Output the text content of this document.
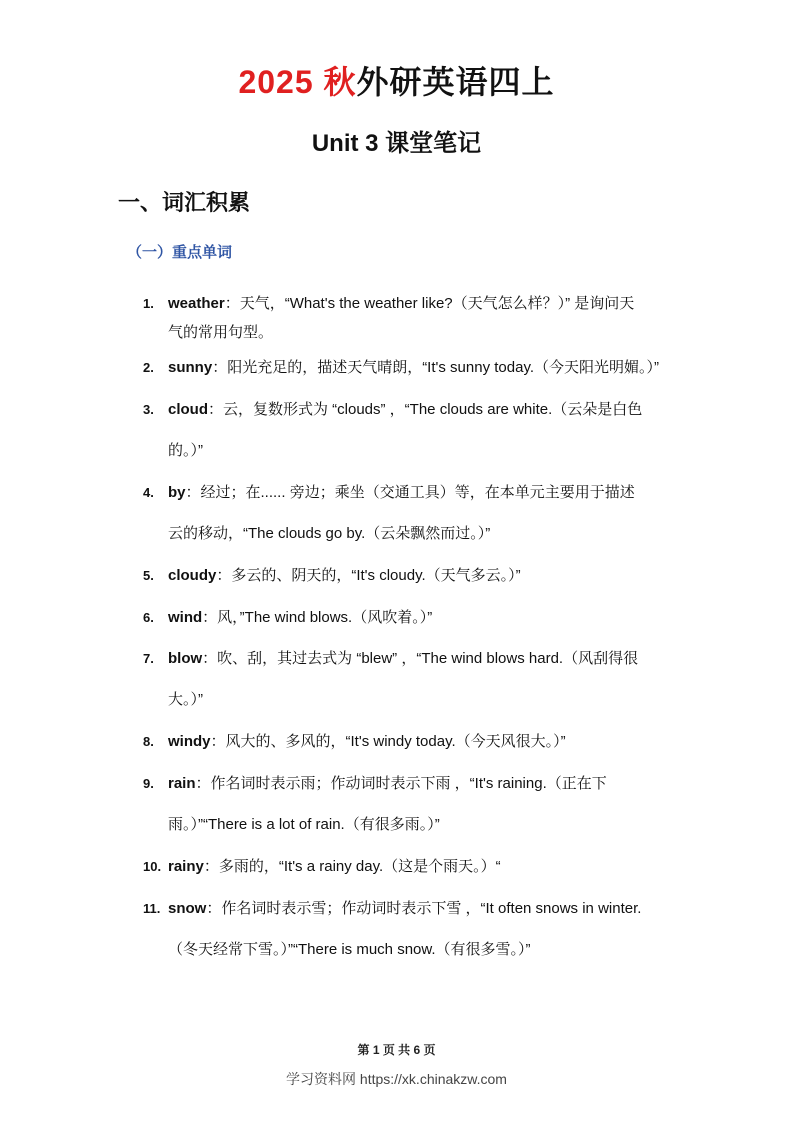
2025 秋外研英语四上
Unit 3 课堂笔记
一、词汇积累
（一）重点单词
1. weather：天气，“What's the weather like?（天气怎么样？）” 是询问天
气的常用句型。
2. sunny：阳光充足的，描述天气晴朗，“It's sunny today.（今天阳光明媚。）”
3. cloud：云，复数形式为 “clouds” ，“The clouds are white.（云朵是白色
的。）”
4. by：经过；在...... 旁边；乘坐（交通工具）等，在本单元主要用于描述
云的移动，“The clouds go by.（云朵飘然而过。）”
5. cloudy：多云的、阴天的，“It's cloudy.（天气多云。）”
6. wind：风，”The wind blows.（风吹着。）”
7. blow：吹、刮，其过去式为 “blew” ，“The wind blows hard.（风刮得很
大。）”
8. windy：风大的、多风的，“It's windy today.（今天风很大。）”
9. rain：作名词时表示雨；作动词时表示下雨 ，“It's raining.（正在下
雨。）”“There is a lot of rain.（有很多雨。）”
10. rainy：多雨的，“It's a rainy day.（这是个雨天。）“
11. snow：作名词时表示雪；作动词时表示下雪 ，“It often snows in winter.
（冬天经常下雪。）”“There is much snow.（有很多雪。）”
第 1 页 共 6 页
学习资料网 https://xk.chinakzw.com
